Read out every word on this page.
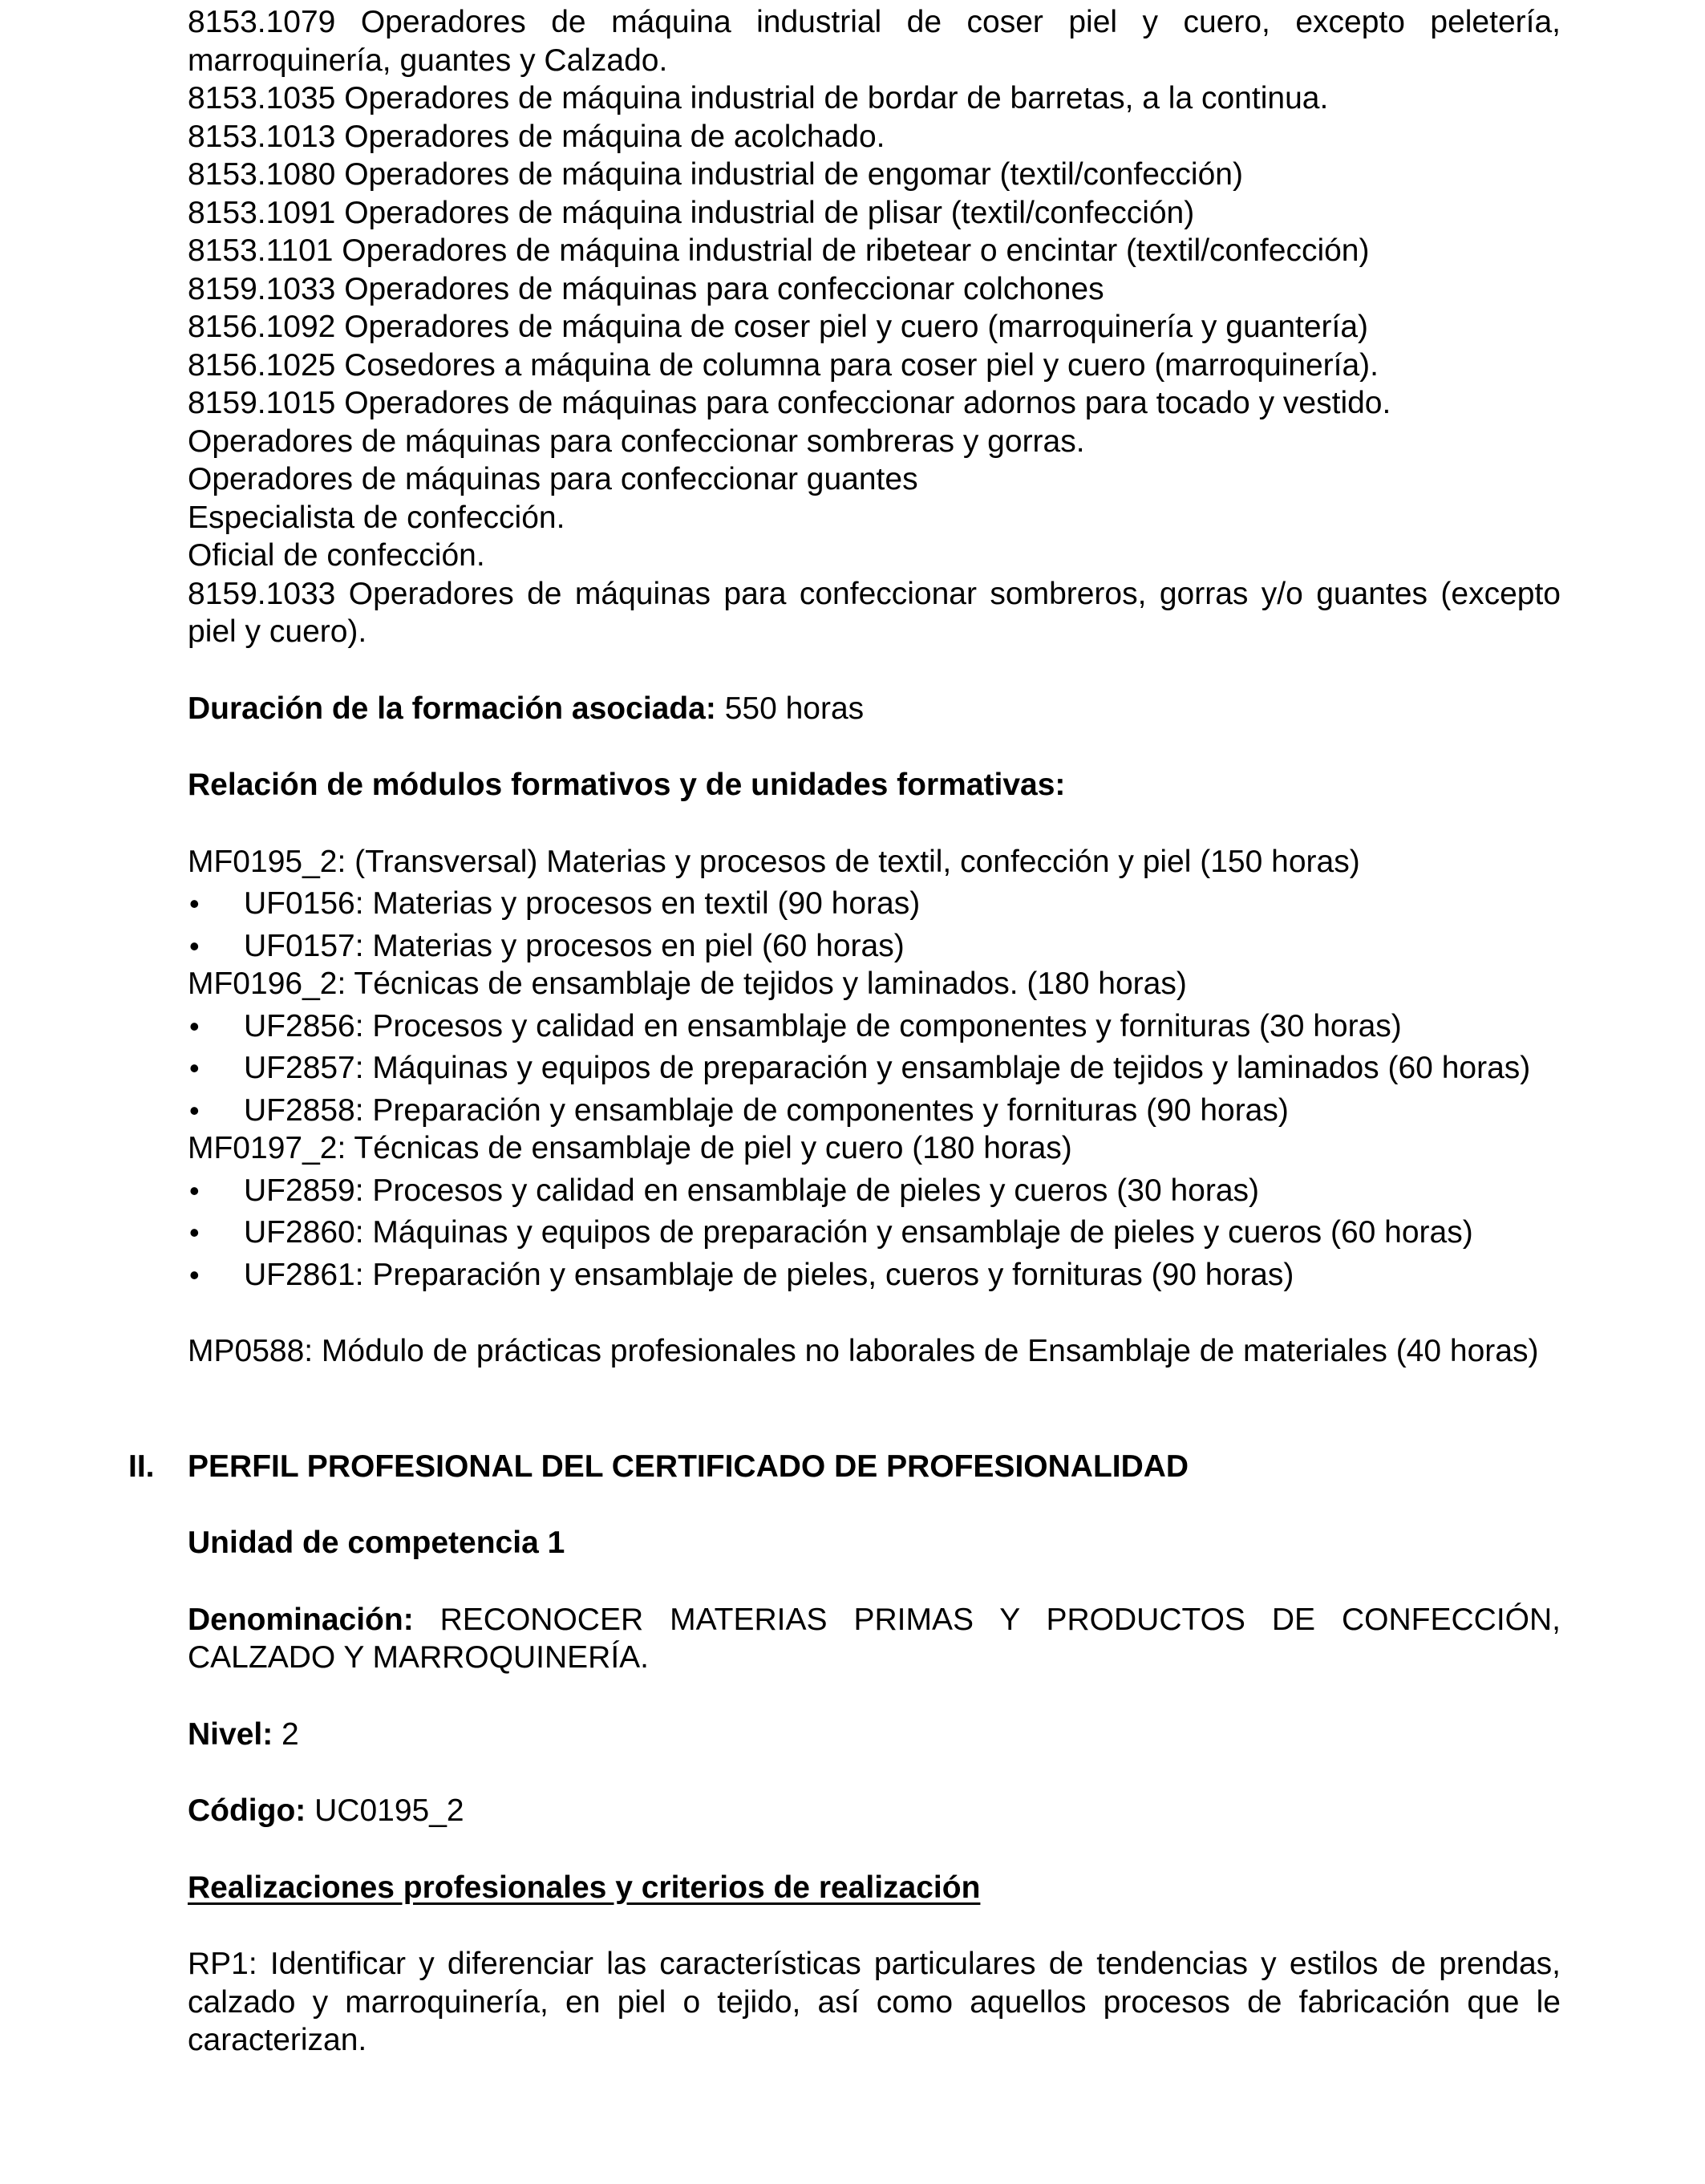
8153.1079 Operadores de máquina industrial de coser piel y cuero, excepto peletería, marroquinería, guantes y Calzado.

8153.1035 Operadores de máquina industrial de bordar de barretas, a la continua.

8153.1013 Operadores de máquina de acolchado.

8153.1080 Operadores de máquina industrial de engomar (textil/confección)

8153.1091 Operadores de máquina industrial de plisar (textil/confección)

8153.1101 Operadores de máquina industrial de ribetear o encintar (textil/confección)

8159.1033 Operadores de máquinas para confeccionar colchones

8156.1092 Operadores de máquina de coser piel y cuero (marroquinería y guantería)

8156.1025 Cosedores a máquina de columna para coser piel y cuero (marroquinería).

8159.1015 Operadores de máquinas para confeccionar adornos para tocado y vestido.

Operadores de máquinas para confeccionar sombreras y gorras.

Operadores de máquinas para confeccionar guantes

Especialista de confección.

Oficial de confección.

8159.1033 Operadores de máquinas para confeccionar sombreros, gorras y/o guantes (excepto piel y cuero).

Duración de la formación asociada: 550 horas

Relación de módulos formativos y de unidades formativas:

MF0195_2: (Transversal) Materias y procesos de textil, confección y piel (150 horas)

• UF0156: Materias y procesos en textil (90 horas)
• UF0157: Materias y procesos en piel (60 horas)

MF0196_2: Técnicas de ensamblaje de tejidos y laminados. (180 horas)

• UF2856: Procesos y calidad en ensamblaje de componentes y fornituras (30 horas)
• UF2857: Máquinas y equipos de preparación y ensamblaje de tejidos y laminados (60 horas)
• UF2858: Preparación y ensamblaje de componentes y fornituras (90 horas)

MF0197_2: Técnicas de ensamblaje de piel y cuero (180 horas)

• UF2859: Procesos y calidad en ensamblaje de pieles y cueros (30 horas)
• UF2860: Máquinas y equipos de preparación y ensamblaje de pieles y cueros (60 horas)
• UF2861: Preparación y ensamblaje de pieles, cueros y fornituras (90 horas)

MP0588: Módulo de prácticas profesionales no laborales de Ensamblaje de materiales (40 horas)

II. PERFIL PROFESIONAL DEL CERTIFICADO DE PROFESIONALIDAD

Unidad de competencia 1

Denominación: RECONOCER MATERIAS PRIMAS Y PRODUCTOS DE CONFECCIÓN, CALZADO Y MARROQUINERÍA.

Nivel: 2

Código: UC0195_2

Realizaciones profesionales y criterios de realización

RP1: Identificar y diferenciar las características particulares de tendencias y estilos de prendas, calzado y marroquinería, en piel o tejido, así como aquellos procesos de fabricación que le caracterizan.
